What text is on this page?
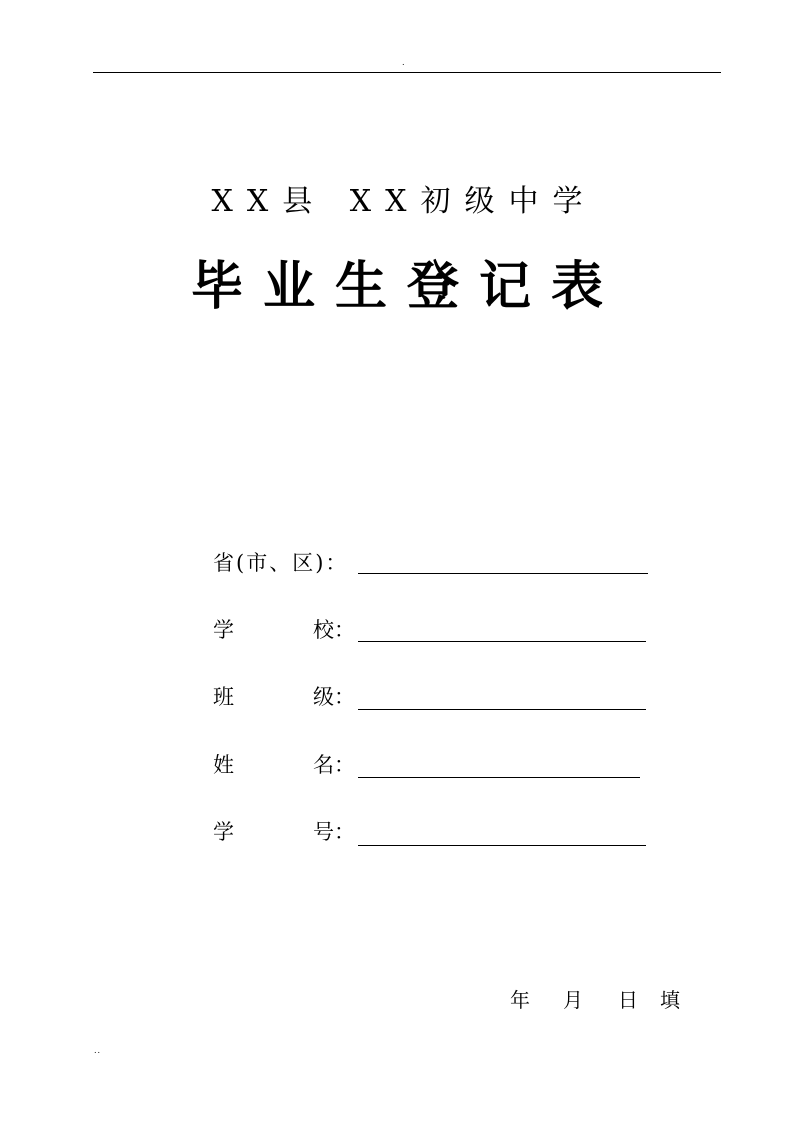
.
XX县 XX初级中学
毕业生登记表
省(市、区)：
学	校：
班	级：
姓	名：
学	号：
年 月 日 填
..
